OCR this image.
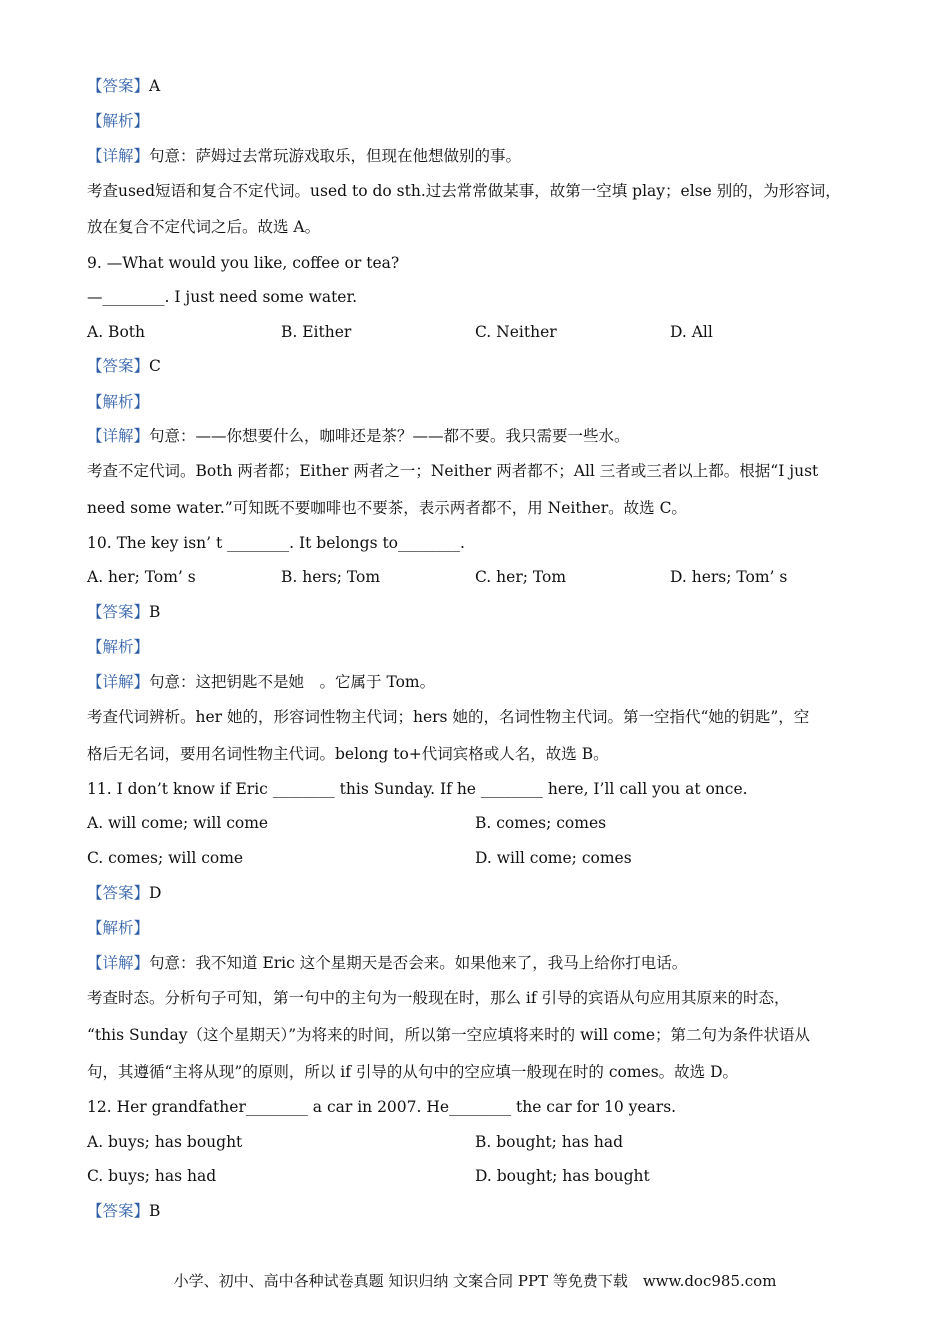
【答案】A
【解析】
【详解】句意：萨姆过去常玩游戏取乐，但现在他想做别的事。
考查used短语和复合不定代词。used to do sth.过去常常做某事，故第一空填 play；else 别的，为形容词，
放在复合不定代词之后。故选 A。
9. —What would you like, coffee or tea?
—________. I just need some water.
A. Both	B. Either	C. Neither	D. All
【答案】C
【解析】
【详解】句意：——你想要什么，咖啡还是茶？——都不要。我只需要一些水。
考查不定代词。Both 两者都；Either 两者之一；Neither 两者都不；All 三者或三者以上都。根据“I just
need some water.”可知既不要咖啡也不要茶，表示两者都不，用 Neither。故选 C。
10. The key isn’ t ________. It belongs to________.
A. her; Tom’ s	B. hers; Tom	C. her; Tom	D. hers; Tom’ s
【答案】B
【解析】
【详解】句意：这把钥匙不是她　。它属于 Tom。
考查代词辨析。her 她的，形容词性物主代词；hers 她的，名词性物主代词。第一空指代“她的钥匙”，空
格后无名词，要用名词性物主代词。belong to+代词宾格或人名，故选 B。
11. I don’t know if Eric ________ this Sunday. If he ________ here, I’ll call you at once.
A. will come; will come	B. comes; comes
C. comes; will come	D. will come; comes
【答案】D
【解析】
【详解】句意：我不知道 Eric 这个星期天是否会来。如果他来了，我马上给你打电话。
考查时态。分析句子可知，第一句中的主句为一般现在时，那么 if 引导的宾语从句应用其原来的时态，
“this Sunday（这个星期天）”为将来的时间，所以第一空应填将来时的 will come；第二句为条件状语从
句，其遵循“主将从现”的原则，所以 if 引导的从句中的空应填一般现在时的 comes。故选 D。
12. Her grandfather________ a car in 2007. He________ the car for 10 years.
A. buys; has bought	B. bought; has had
C. buys; has had	D. bought; has bought
【答案】B
小学、初中、高中各种试卷真题 知识归纳 文案合同 PPT 等免费下载　www.doc985.com
